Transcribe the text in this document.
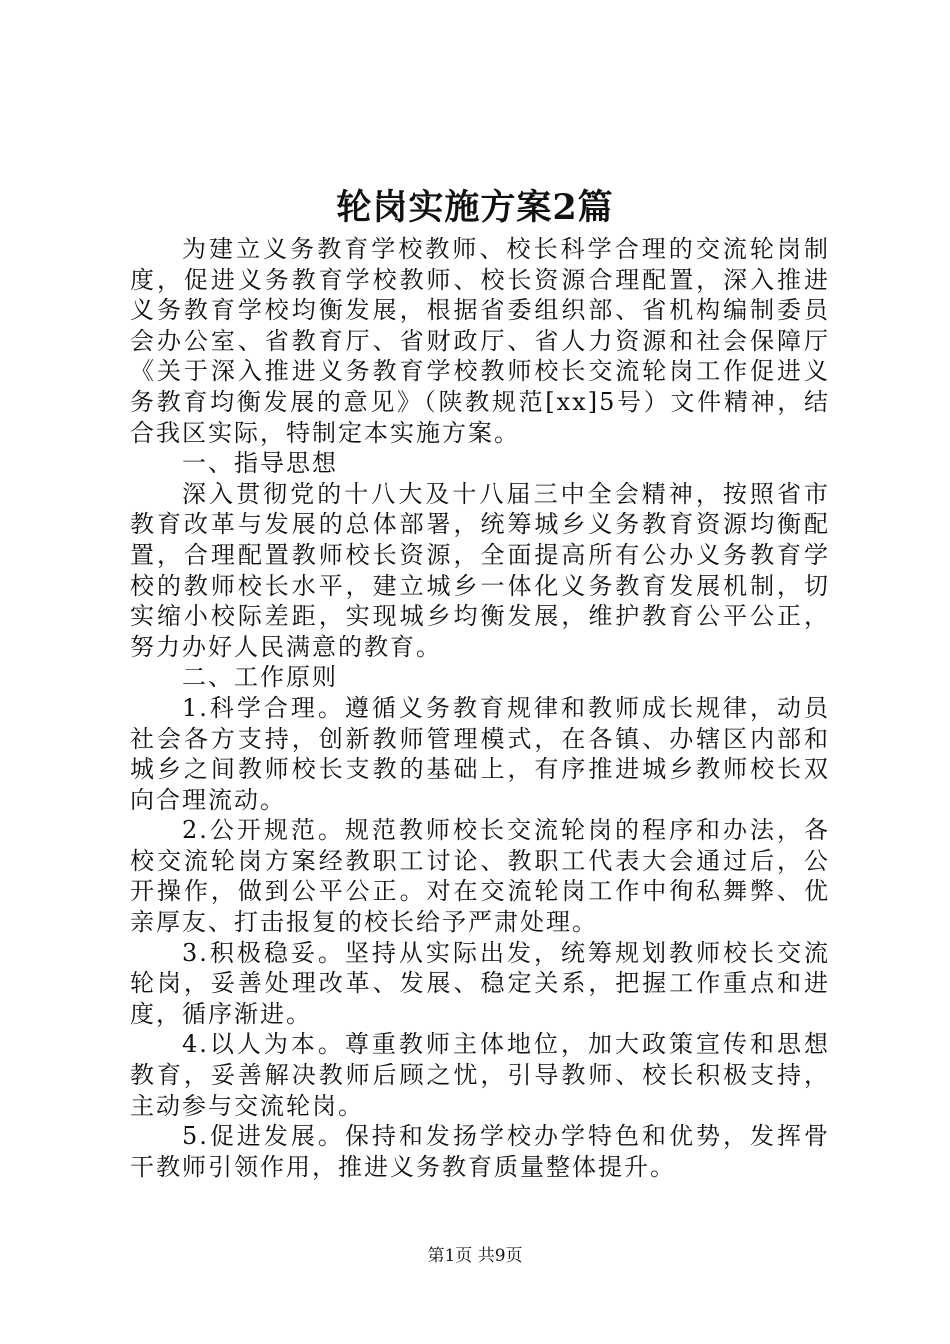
轮岗实施方案2篇

为建立义务教育学校教师、校长科学合理的交流轮岗制度，促进义务教育学校教师、校长资源合理配置，深入推进义务教育学校均衡发展，根据省委组织部、省机构编制委员会办公室、省教育厅、省财政厅、省人力资源和社会保障厅《关于深入推进义务教育学校教师校长交流轮岗工作促进义务教育均衡发展的意见》（陕教规范[xx]5号）文件精神，结合我区实际，特制定本实施方案。

一、指导思想

深入贯彻党的十八大及十八届三中全会精神，按照省市教育改革与发展的总体部署，统筹城乡义务教育资源均衡配置，合理配置教师校长资源，全面提高所有公办义务教育学校的教师校长水平，建立城乡一体化义务教育发展机制，切实缩小校际差距，实现城乡均衡发展，维护教育公平公正，努力办好人民满意的教育。

二、工作原则

1.科学合理。遵循义务教育规律和教师成长规律，动员社会各方支持，创新教师管理模式，在各镇、办辖区内部和城乡之间教师校长支教的基础上，有序推进城乡教师校长双向合理流动。

2.公开规范。规范教师校长交流轮岗的程序和办法，各校交流轮岗方案经教职工讨论、教职工代表大会通过后，公开操作，做到公平公正。对在交流轮岗工作中徇私舞弊、优亲厚友、打击报复的校长给予严肃处理。

3.积极稳妥。坚持从实际出发，统筹规划教师校长交流轮岗，妥善处理改革、发展、稳定关系，把握工作重点和进度，循序渐进。

4.以人为本。尊重教师主体地位，加大政策宣传和思想教育，妥善解决教师后顾之忧，引导教师、校长积极支持，主动参与交流轮岗。

5.促进发展。保持和发扬学校办学特色和优势，发挥骨干教师引领作用，推进义务教育质量整体提升。

第1页 共9页
